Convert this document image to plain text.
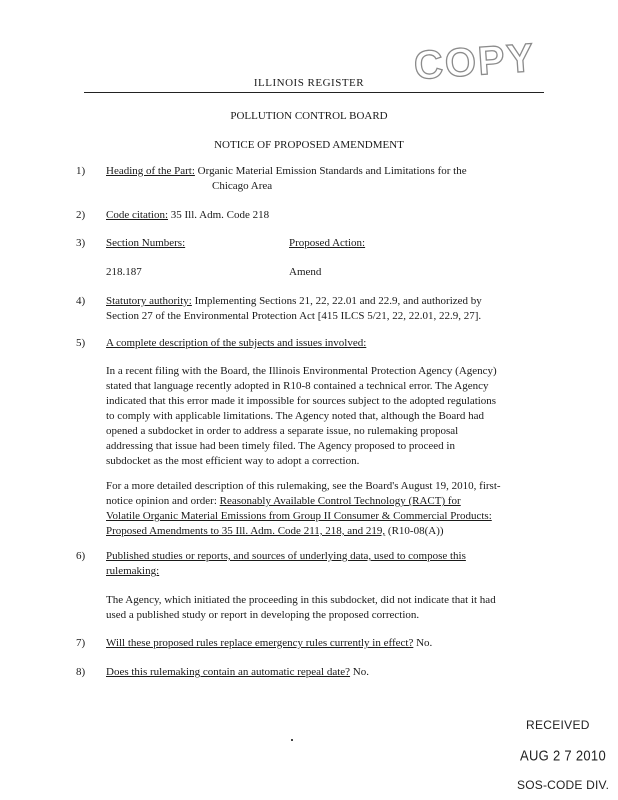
ILLINOIS REGISTER	COPY
POLLUTION CONTROL BOARD
NOTICE OF PROPOSED AMENDMENT
1) Heading of the Part: Organic Material Emission Standards and Limitations for the
Chicago Area
2) Code citation: 35 Ill. Adm. Code 218
3) Section Numbers:	Proposed Action:
218.187	Amend
4) Statutory authority: Implementing Sections 21, 22, 22.01 and 22.9, and authorized by
Section 27 of the Environmental Protection Act [415 ILCS 5/21, 22, 22.01, 22.9, 27].
5) A complete description of the subjects and issues involved:
In a recent filing with the Board, the Illinois Environmental Protection Agency (Agency)
stated that language recently adopted in R10-8 contained a technical error. The Agency
indicated that this error made it impossible for sources subject to the adopted regulations
to comply with applicable limitations. The Agency noted that, although the Board had
opened a subdocket in order to address a separate issue, no rulemaking proposal
addressing that issue had been timely filed. The Agency proposed to proceed in
subdocket as the most efficient way to adopt a correction.
For a more detailed description of this rulemaking, see the Board's August 19, 2010, first-
notice opinion and order: Reasonably Available Control Technology (RACT) for
Volatile Organic Material Emissions from Group II Consumer & Commercial Products:
Proposed Amendments to 35 Ill. Adm. Code 211, 218, and 219, (R10-08(A))
6) Published studies or reports, and sources of underlying data, used to compose this
rulemaking:
The Agency, which initiated the proceeding in this subdocket, did not indicate that it had
used a published study or report in developing the proposed correction.
7) Will these proposed rules replace emergency rules currently in effect? No.
8) Does this rulemaking contain an automatic repeal date? No.
RECEIVED
AUG 2 7 2010
SOS-CODE DIV.
